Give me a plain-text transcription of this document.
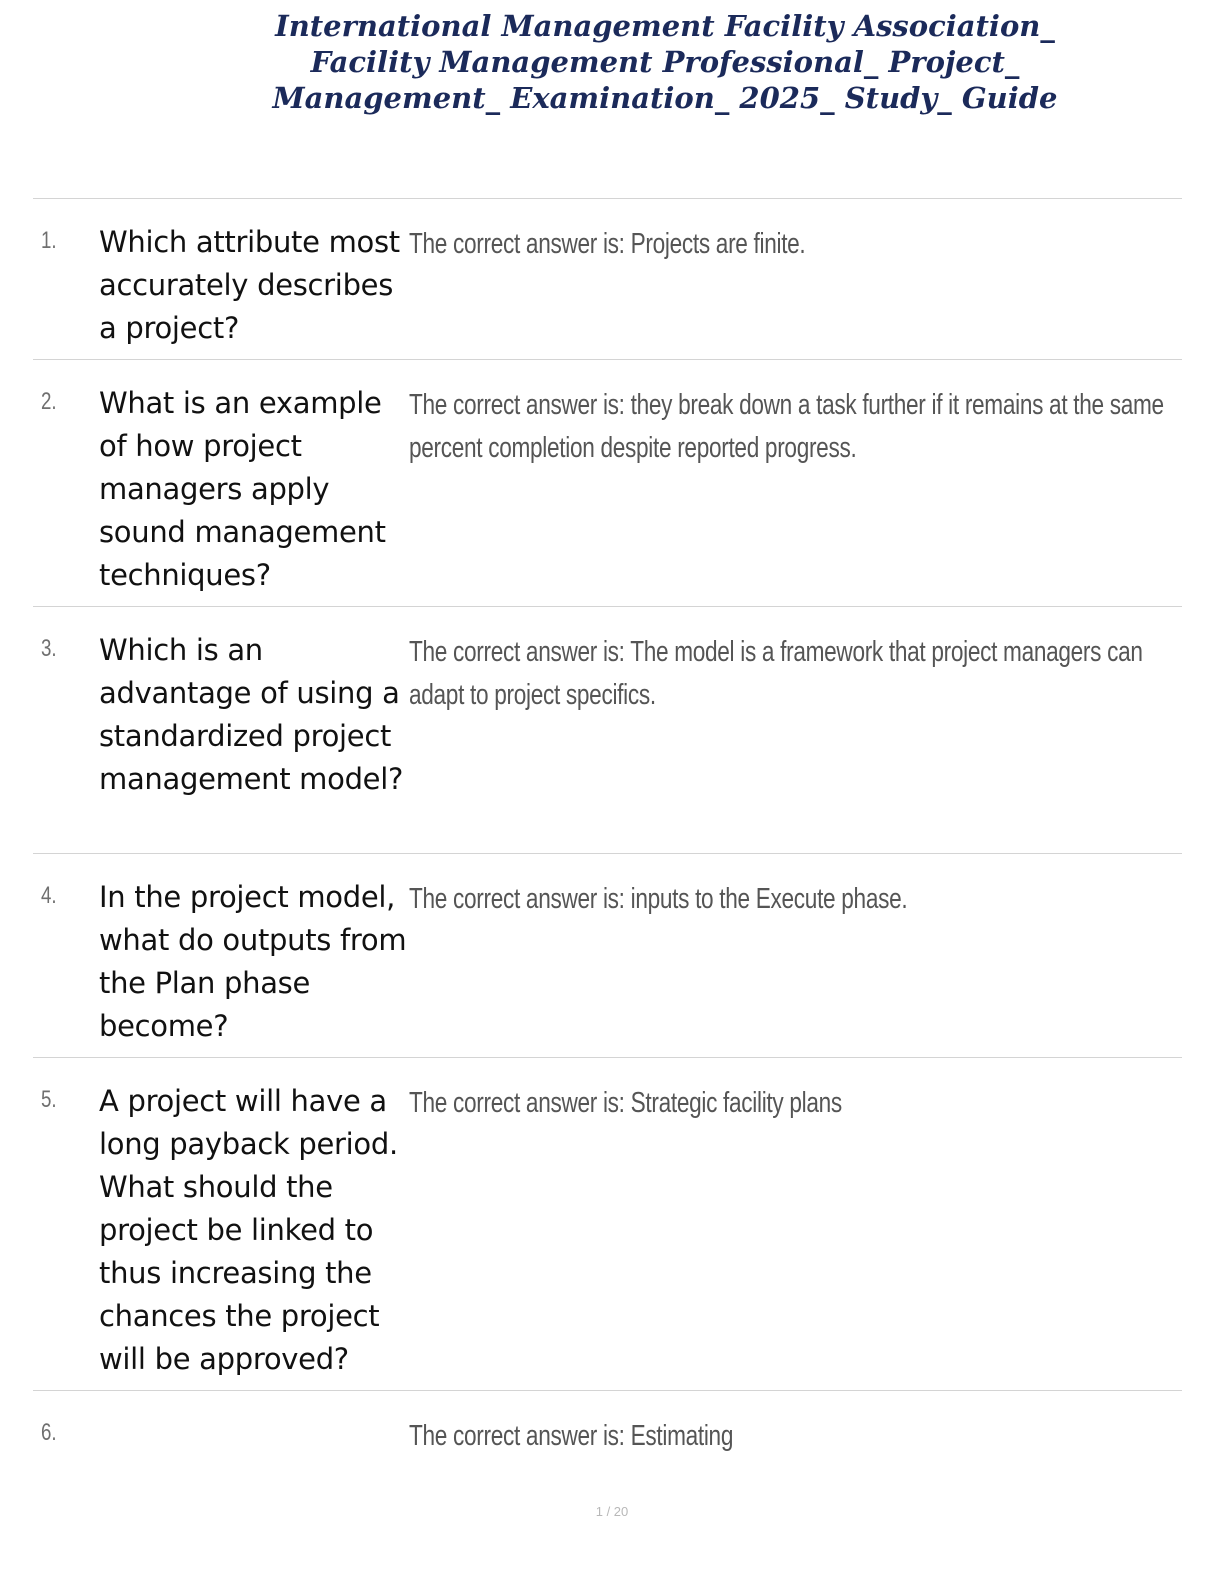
International Management Facility Association_ Facility Management Professional_ Project_ Management_ Examination_ 2025_ Study_ Guide
1. Which attribute most accurately describes a project?
The correct answer is: Projects are finite.
2. What is an example of how project managers apply sound management techniques?
The correct answer is: they break down a task further if it remains at the same percent completion despite reported progress.
3. Which is an advantage of using a standardized project management model?
The correct answer is: The model is a framework that project managers can adapt to project specifics.
4. In the project model, what do outputs from the Plan phase become?
The correct answer is: inputs to the Execute phase.
5. A project will have a long payback period. What should the project be linked to thus increasing the chances the project will be approved?
The correct answer is: Strategic facility plans
6.	The correct answer is: Estimating
1 / 20
